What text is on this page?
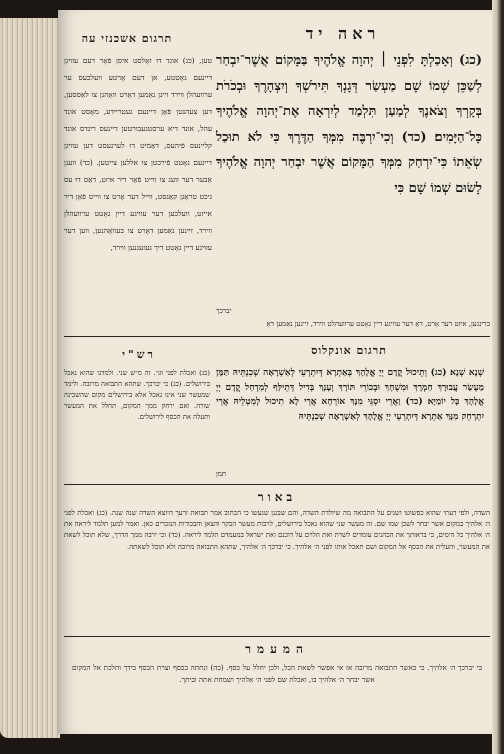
תרגום אשכנזי עה	ראה יד
טען, (כג) אונד דוּ זאָלסט איסן פֿאָר דעם עוויגן דיינעם גאָטטע, אן דעם אָרטע וועלכעס ער ערוועהלן ווירד זיינן נאַמען דאָרט וואָהנן צו לאַססען, דען צעהנטן פֿאָן דיינעם געטריידע, מאָסט אונד עהל, אונד דיא ערסטגעבורטען דיינעס רינדס אונד קליינעס פֿיהעס, דאַמיט דוּ לערנעסט דען עוויגן דיינעם גאָטט פֿירכטן צו אללען צייטען. (כד) ווענן אַבער דער וועג צו ווייט פֿאַר דיר איזט, דאַס דוּ עס ניכט טראָגן קאַנסט, ווייל דער אָרט צו ווייט פֿאָן דיר אייזט, וועלכען דער עוויגע דיין גאָטט ערוועהלן ווירד, זיינען נאַמען דאָרט צו בעוואָהנען, ווען דער עוויגע דיין גאָטט דיך געזעגנען ווירד,
(כג) וְאָכַלְתָּ לִפְנֵי ׀ יְהוָה אֱלֹהֶיךָ בַּמָּקוֹם אֲשֶׁר־יִבְחַר לְשַׁכֵּן שְׁמוֹ שָׁם מַעְשַׂר דְּגָנְךָ תִּירֹשְׁךָ וְיִצְהָרֶךָ וּבְכֹרֹת בְּקָרְךָ וְצֹאנֶךָ לְמַעַן תִּלְמַד לְיִרְאָה אֶת־יְהוָה אֱלֹהֶיךָ כָּל־הַיָּמִים׃ (כד) וְכִי־יִרְבֶּה מִמְּךָ הַדֶּרֶךְ כִּי לֹא תוּכַל שְׂאֵתוֹ כִּי־יִרְחַק מִמְּךָ הַמָּקוֹם אֲשֶׁר יִבְחַר יְהוָה אֱלֹהֶיךָ לָשׂוּם שְׁמוֹ שָׁם כִּי
יברכך
ברינגען, איזט דער אָרט, דאַ דער עוויגע דיין גאָטט ערוועהלט ווירד, זיינען נאַמען דאָ
תרגום אונקלוס
רש"י
(כג) ואכלת לפני וגו׳. זה מ״ש שני. ולמדנו שהוא נאכל בירושלים. (כג) כי יברכך. שתהא התבואה מרובה. ולימד שמעשר שני אינו נאכל אלא בירושלים מקום שהשכינה שורה. ואם ירחק ממך המקום, תחלל את המעשר ותעלה את הכסף לירושלים.
שְׁנָא שְׁנָא׃ (כג) וְתֵיכוּל קֳדָם יְיָ אֱלָהָךְ בְּאַתְרָא דְּיִתְרְעֵי לְאַשְׁרָאָה שְׁכִנְתֵּיהּ תַּמָּן מַעְשַׂר עֲבוּרָךְ חַמְרָךְ וּמִשְׁחָךְ וּבְכוֹרֵי תּוֹרָךְ וְעָנָךְ בְּדִיל דְּתֵילַּף לְמִדְחַל קֳדָם יְיָ אֱלָהָךְ כָּל יוֹמַיָּא׃ (כד) וַאֲרֵי יִסְגֵּי מִנָּךְ אוֹרְחָא אֲרֵי לָא תִיכוּל לְמִטְלֵיהּ אֲרֵי יִתְרְחֵק מִנָּךְ אַתְרָא דְּיִתְרְעֵי יְיָ אֱלָהָךְ לְאַשְׁרָאָה שְׁכִנְתֵּיהּ
תמן
באור
השדה, ולפי דעתי שהוא כפשוטו ושנים על התבואה מה שיולדת השדה, והם שבגנן שנעשו כי הכתוב אמר תבואת זרעך היוצא השדה שנה שנה. (כג) ואכלת לפני ה׳ אלהיך במקום אשר יבחר לשכן שמו שם. זה מעשר שני שהוא נאכל בירושלים, לרבות מעשר הבקר והצאן והבכורות הנזכרים כאן. ואמר למען תלמד ליראה את ה׳ אלהיך כל הימים, כי בראותך את הכהנים עומדים לשרת ואת הלוים על דוכנם ואת ישראל במעמדם תלמד ליראה. (כד) וכי ירבה ממך הדרך, שלא תוכל לשאת את המעשר, והעלית את הכסף אל המקום ושם תאכל אותו לפני ה׳ אלהיך. כי יברכך ה׳ אלהיך, שתהא התבואה מרובה ולא תוכל לשאתה.
המעמר
בי יברכך ה׳ אלהיך. כי כאשר התבואה מרובה אז אי אפשר לשאת הכל, ולכן יחלל על כסף. (כה) ונתתה בכסף וצרת הכסף בידך והלכת אל המקום אשר יבחר ה׳ אלהיך בו, ואכלת שם לפני ה׳ אלהיך ושמחת אתה וביתך.
